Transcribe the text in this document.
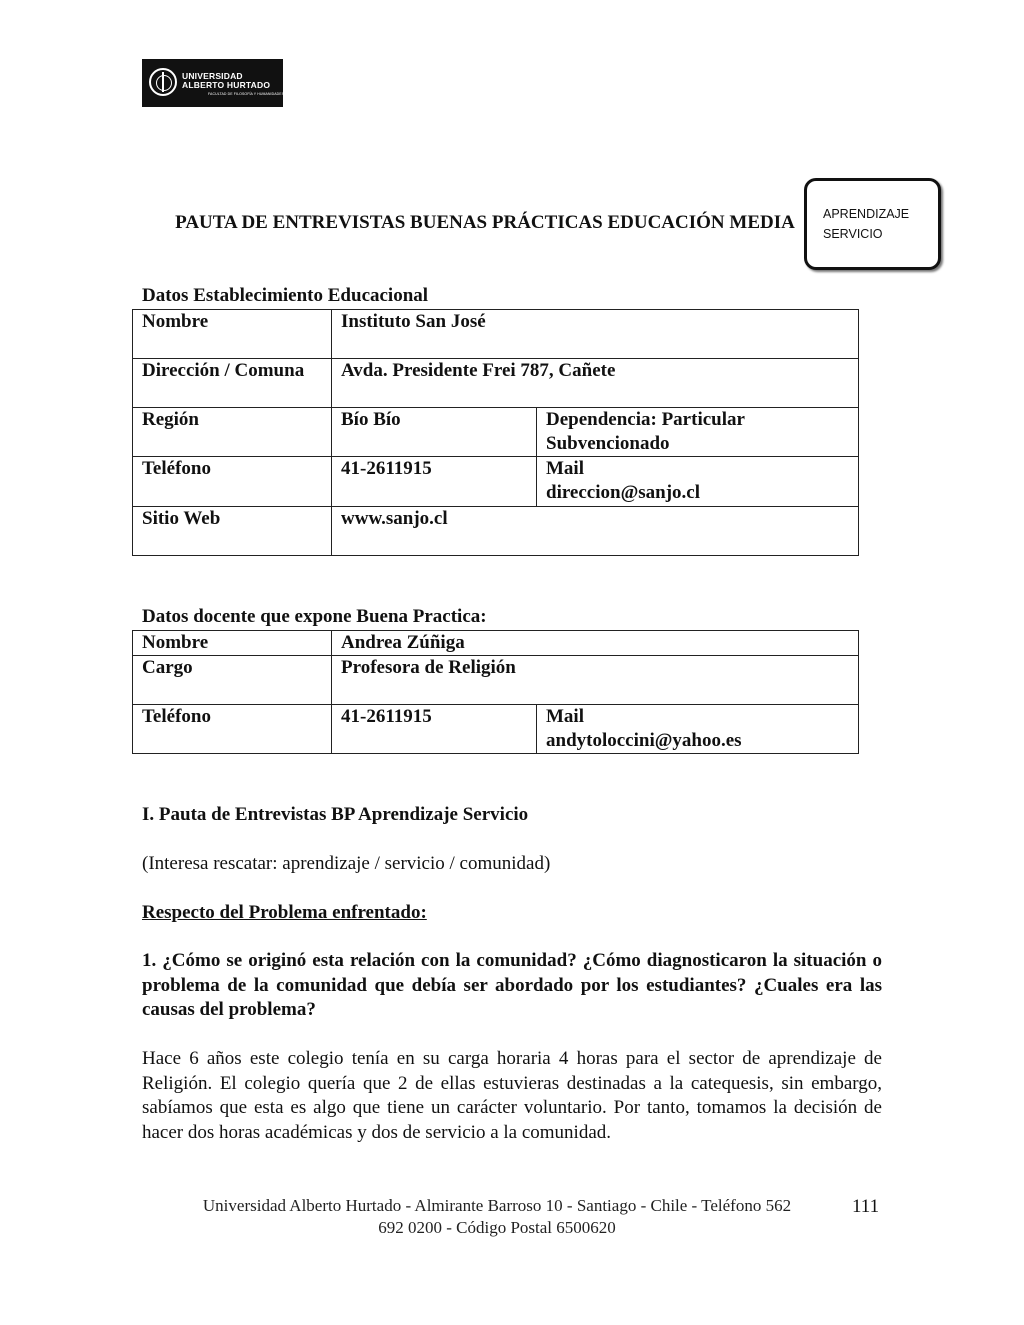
UNIVERSIDAD
ALBERTO HURTADO
FACULTAD DE FILOSOFÍA Y HUMANIDADES
APRENDIZAJE
SERVICIO
PAUTA DE ENTREVISTAS BUENAS PRÁCTICAS EDUCACIÓN MEDIA
Datos Establecimiento Educacional
Nombre	Instituto San José	
Dirección / Comuna	Avda. Presidente Frei 787, Cañete	
Región	Bío Bío	Dependencia: Particular Subvencionado
Teléfono	41-2611915	Mail
direccion@sanjo.cl

Sitio Web	www.sanjo.cl	
Datos docente que expone Buena Practica:
Nombre	Andrea Zúñiga	
Cargo	Profesora de Religión	
Teléfono	41-2611915	Mail
andytoloccini@yahoo.es
I. Pauta de Entrevistas BP Aprendizaje Servicio
(Interesa rescatar: aprendizaje / servicio / comunidad)
Respecto del Problema enfrentado:
1. ¿Cómo se originó esta relación con la comunidad? ¿Cómo diagnosticaron la situación o problema de la comunidad que debía ser abordado por los estudiantes? ¿Cuales era las causas del problema?
Hace 6 años este colegio tenía en su carga horaria 4 horas para el sector de aprendizaje de Religión. El colegio quería que 2 de ellas estuvieras destinadas a la catequesis, sin embargo, sabíamos que esta es algo que tiene un carácter voluntario. Por tanto, tomamos la decisión de hacer dos horas académicas y dos de servicio a la comunidad.
Universidad Alberto Hurtado - Almirante Barroso 10 - Santiago - Chile - Teléfono 562
692 0200 - Código Postal 6500620
111
